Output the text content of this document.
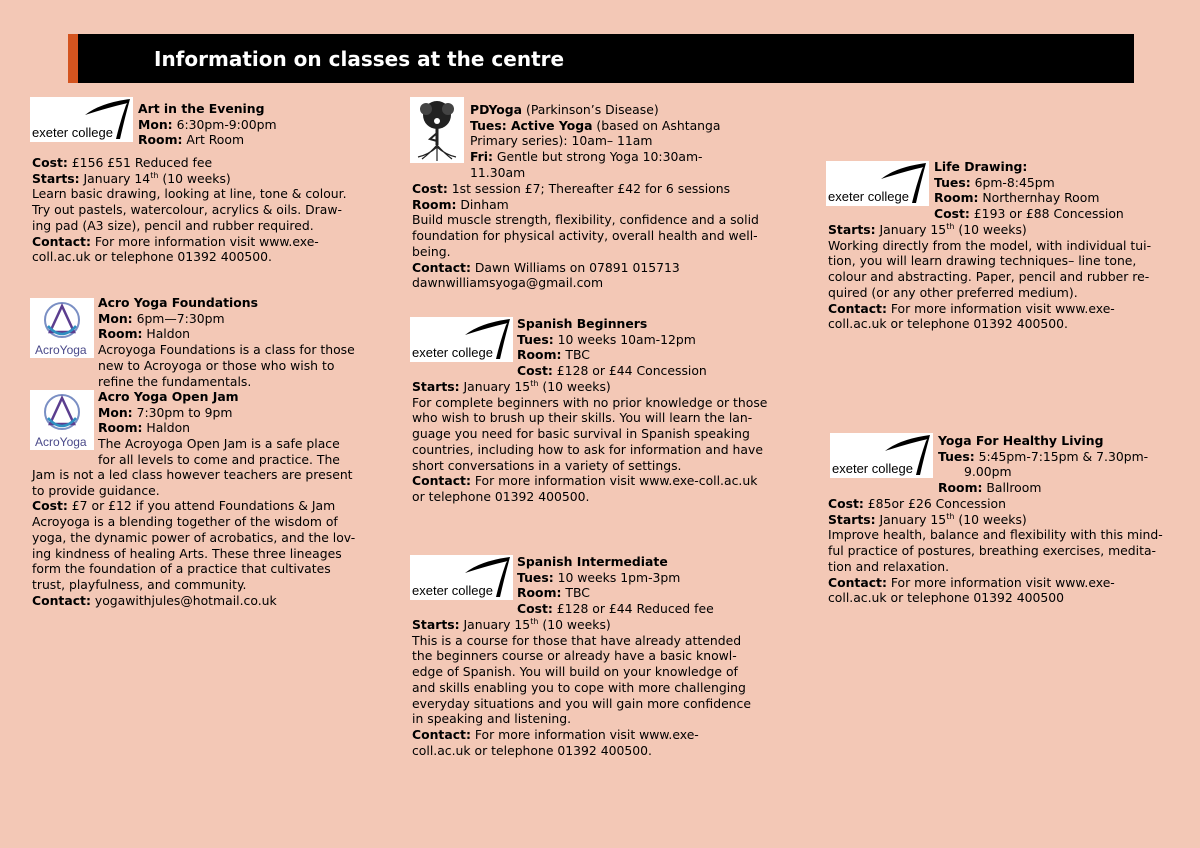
Information on classes at the centre
exeter college
Art in the Evening
Mon: 6:30pm-9:00pm
Room: Art Room
Cost: £156 £51 Reduced fee
Starts: January 14th (10 weeks)
Learn basic drawing, looking at line, tone & colour.
Try out pastels, watercolour, acrylics & oils. Draw-
ing pad (A3 size), pencil and rubber required.
Contact: For more information visit www.exe-
coll.ac.uk or telephone 01392 400500.
AcroYoga
Acro Yoga Foundations
Mon: 6pm—7:30pm
Room: Haldon
Acroyoga Foundations is a class for those
new to Acroyoga or those who wish to
refine the fundamentals.
AcroYoga
Acro Yoga Open Jam
Mon: 7:30pm to 9pm
Room: Haldon
The Acroyoga Open Jam is a safe place
for all levels to come and practice. The
Jam is not a led class however teachers are present
to provide guidance.
Cost: £7 or £12 if you attend Foundations & Jam
Acroyoga is a blending together of the wisdom of
yoga, the dynamic power of acrobatics, and the lov-
ing kindness of healing Arts. These three lineages
form the foundation of a practice that cultivates
trust, playfulness, and community.
Contact: yogawithjules@hotmail.co.uk
PDYoga (Parkinson’s Disease)
Tues: Active Yoga (based on Ashtanga
Primary series): 10am– 11am
Fri: Gentle but strong Yoga 10:30am-
11.30am
Cost: 1st session £7; Thereafter £42 for 6 sessions
Room: Dinham
Build muscle strength, flexibility, confidence and a solid
foundation for physical activity, overall health and well-
being.
Contact: Dawn Williams on 07891 015713
dawnwilliamsyoga@gmail.com
exeter college
Spanish Beginners
Tues: 10 weeks 10am-12pm
Room: TBC
Cost: £128 or £44 Concession
Starts: January 15th (10 weeks)
For complete beginners with no prior knowledge or those
who wish to brush up their skills. You will learn the lan-
guage you need for basic survival in Spanish speaking
countries, including how to ask for information and have
short conversations in a variety of settings.
Contact: For more information visit www.exe-coll.ac.uk
or telephone 01392 400500.
exeter college
Spanish Intermediate
Tues: 10 weeks 1pm-3pm
Room: TBC
Cost: £128 or £44 Reduced fee
Starts: January 15th (10 weeks)
This is a course for those that have already attended
the beginners course or already have a basic knowl-
edge of Spanish. You will build on your knowledge of
and skills enabling you to cope with more challenging
everyday situations and you will gain more confidence
in speaking and listening.
Contact: For more information visit www.exe-
coll.ac.uk or telephone 01392 400500.
exeter college
Life Drawing:
Tues: 6pm-8:45pm
Room: Northernhay Room
Cost: £193 or £88 Concession
Starts: January 15th (10 weeks)
Working directly from the model, with individual tui-
tion, you will learn drawing techniques– line tone,
colour and abstracting. Paper, pencil and rubber re-
quired (or any other preferred medium).
Contact: For more information visit www.exe-
coll.ac.uk or telephone 01392 400500.
exeter college
Yoga For Healthy Living
Tues: 5:45pm-7:15pm & 7.30pm-
9.00pm
Room: Ballroom
Cost: £85or £26 Concession
Starts: January 15th (10 weeks)
Improve health, balance and flexibility with this mind-
ful practice of postures, breathing exercises, medita-
tion and relaxation.
Contact: For more information visit www.exe-
coll.ac.uk or telephone 01392 400500
